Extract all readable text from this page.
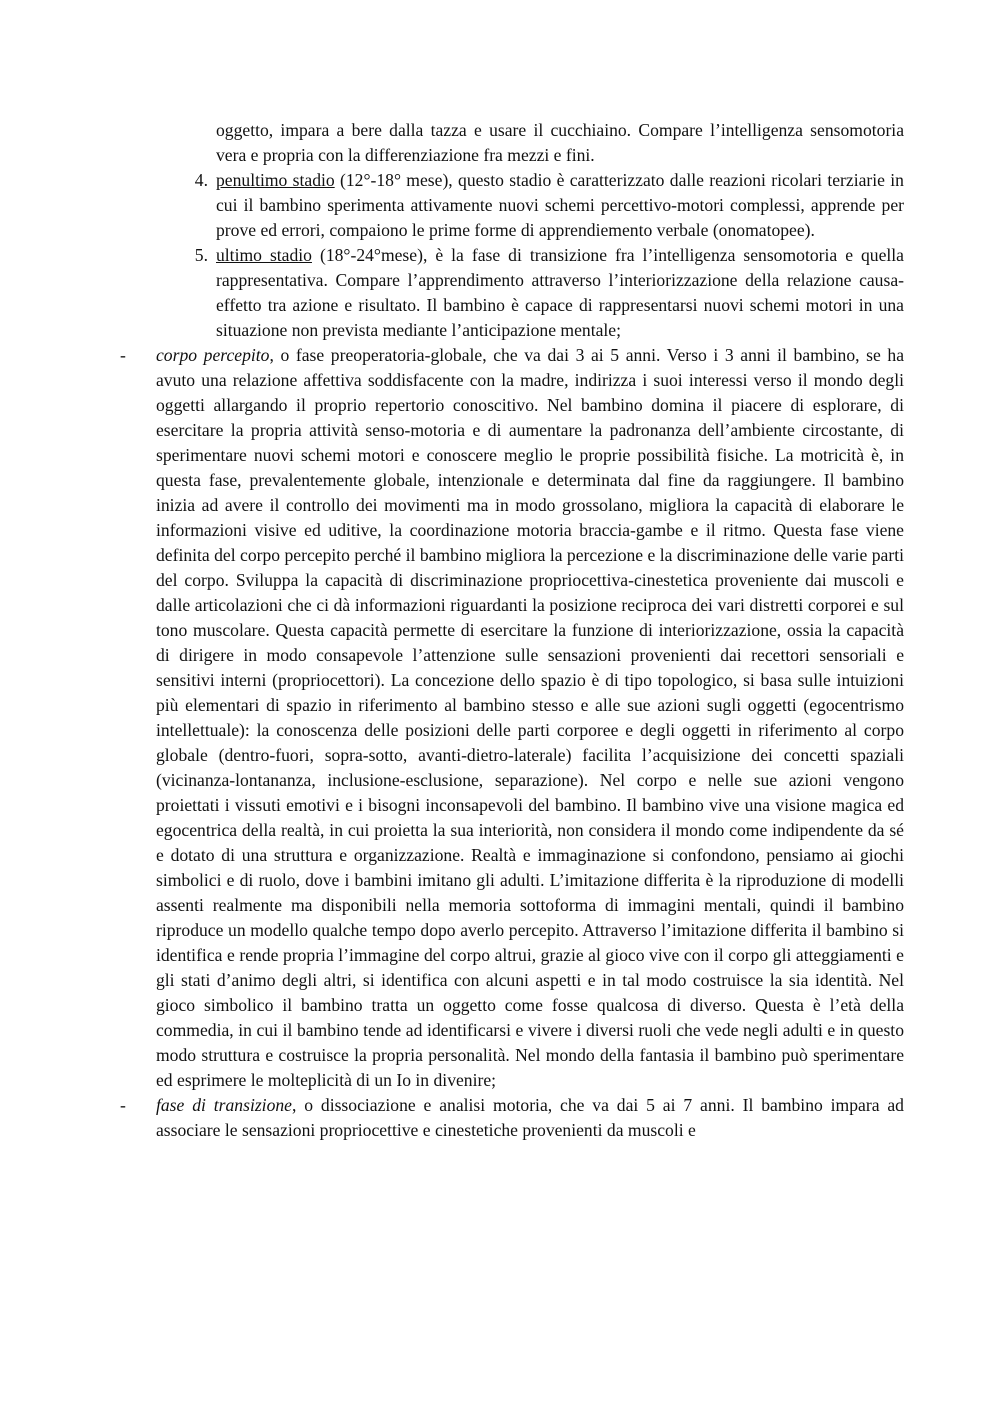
oggetto, impara a bere dalla tazza e usare il cucchiaino. Compare l’intelligenza sensomotoria vera e propria con la differenziazione fra mezzi e fini.

4. penultimo stadio (12°-18° mese), questo stadio è caratterizzato dalle reazioni ricolari terziarie in cui il bambino sperimenta attivamente nuovi schemi percettivo-motori complessi, apprende per prove ed errori, compaiono le prime forme di apprendiemento verbale (onomatopee).

5. ultimo stadio (18°-24°mese), è la fase di transizione fra l’intelligenza sensomotoria e quella rappresentativa. Compare l’apprendimento attraverso l’interiorizzazione della relazione causa-effetto tra azione e risultato. Il bambino è capace di rappresentarsi nuovi schemi motori in una situazione non prevista mediante l’anticipazione mentale;

- corpo percepito, o fase preoperatoria-globale, che va dai 3 ai 5 anni. Verso i 3 anni il bambino, se ha avuto una relazione affettiva soddisfacente con la madre, indirizza i suoi interessi verso il mondo degli oggetti allargando il proprio repertorio conoscitivo. Nel bambino domina il piacere di esplorare, di esercitare la propria attività senso-motoria e di aumentare la padronanza dell’ambiente circostante, di sperimentare nuovi schemi motori e conoscere meglio le proprie possibilità fisiche. La motricità è, in questa fase, prevalentemente globale, intenzionale e determinata dal fine da raggiungere. Il bambino inizia ad avere il controllo dei movimenti ma in modo grossolano, migliora la capacità di elaborare le informazioni visive ed uditive, la coordinazione motoria braccia-gambe e il ritmo. Questa fase viene definita del corpo percepito perché il bambino migliora la percezione e la discriminazione delle varie parti del corpo. Sviluppa la capacità di discriminazione propriocettiva-cinestetica proveniente dai muscoli e dalle articolazioni che ci dà informazioni riguardanti la posizione reciproca dei vari distretti corporei e sul tono muscolare. Questa capacità permette di esercitare la funzione di interiorizzazione, ossia la capacità di dirigere in modo consapevole l’attenzione sulle sensazioni provenienti dai recettori sensoriali e sensitivi interni (propriocettori). La concezione dello spazio è di tipo topologico, si basa sulle intuizioni più elementari di spazio in riferimento al bambino stesso e alle sue azioni sugli oggetti (egocentrismo intellettuale): la conoscenza delle posizioni delle parti corporee e degli oggetti in riferimento al corpo globale (dentro-fuori, sopra-sotto, avanti-dietro-laterale) facilita l’acquisizione dei concetti spaziali (vicinanza-lontananza, inclusione-esclusione, separazione). Nel corpo e nelle sue azioni vengono proiettati i vissuti emotivi e i bisogni inconsapevoli del bambino. Il bambino vive una visione magica ed egocentrica della realtà, in cui proietta la sua interiorità, non considera il mondo come indipendente da sé e dotato di una struttura e organizzazione. Realtà e immaginazione si confondono, pensiamo ai giochi simbolici e di ruolo, dove i bambini imitano gli adulti. L’imitazione differita è la riproduzione di modelli assenti realmente ma disponibili nella memoria sottoforma di immagini mentali, quindi il bambino riproduce un modello qualche tempo dopo averlo percepito. Attraverso l’imitazione differita il bambino si identifica e rende propria l’immagine del corpo altrui, grazie al gioco vive con il corpo gli atteggiamenti e gli stati d’animo degli altri, si identifica con alcuni aspetti e in tal modo costruisce la sia identità. Nel gioco simbolico il bambino tratta un oggetto come fosse qualcosa di diverso. Questa è l’età della commedia, in cui il bambino tende ad identificarsi e vivere i diversi ruoli che vede negli adulti e in questo modo struttura e costruisce la propria personalità. Nel mondo della fantasia il bambino può sperimentare ed esprimere le molteplicità di un Io in divenire;

- fase di transizione, o dissociazione e analisi motoria, che va dai 5 ai 7 anni. Il bambino impara ad associare le sensazioni propriocettive e cinestetiche provenienti da muscoli e
